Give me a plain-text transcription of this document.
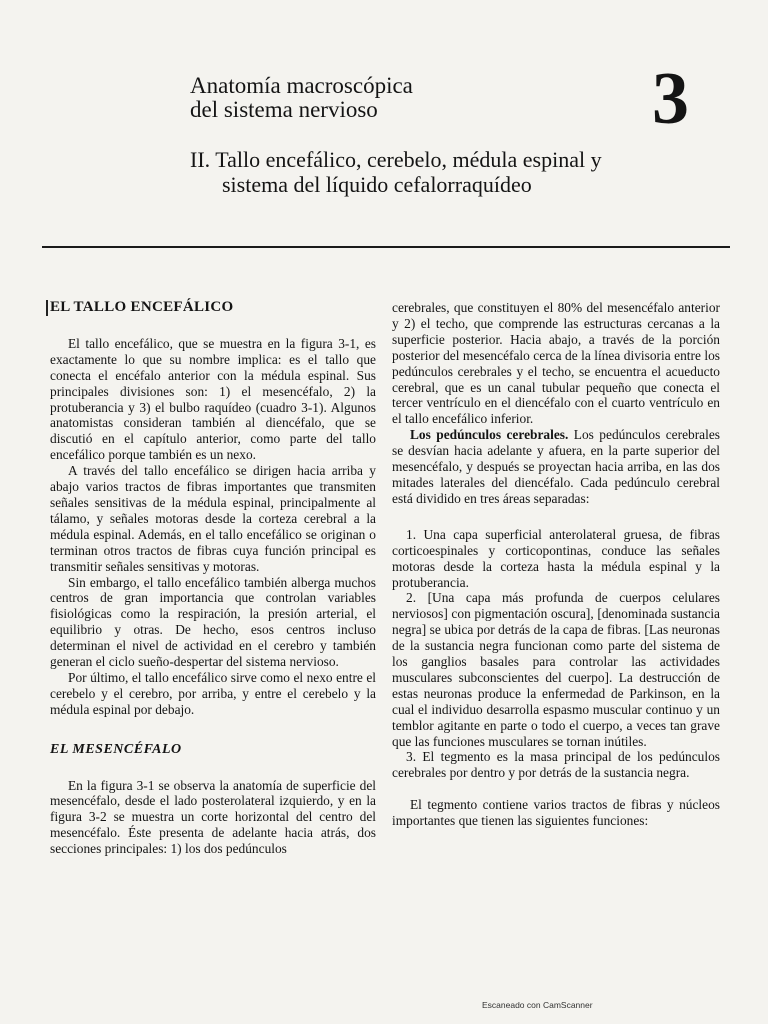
Anatomía macroscópica
del sistema nervioso	3
II. Tallo encefálico, cerebelo, médula espinal y sistema del líquido cefalorraquídeo
EL TALLO ENCEFÁLICO

El tallo encefálico, que se muestra en la figura 3-1, es exactamente lo que su nombre implica: es el tallo que conecta el encéfalo anterior con la médula espinal. Sus principales divisiones son: 1) el mesencéfalo, 2) la protuberancia y 3) el bulbo raquídeo (cuadro 3-1). Algunos anatomistas consideran también al diencéfalo, que se discutió en el capítulo anterior, como parte del tallo encefálico porque también es un nexo.

A través del tallo encefálico se dirigen hacia arriba y abajo varios tractos de fibras importantes que transmiten señales sensitivas de la médula espinal, principalmente al tálamo, y señales motoras desde la corteza cerebral a la médula espinal. Además, en el tallo encefálico se originan o terminan otros tractos de fibras cuya función principal es transmitir señales sensitivas y motoras.

Sin embargo, el tallo encefálico también alberga muchos centros de gran importancia que controlan variables fisiológicas como la respiración, la presión arterial, el equilibrio y otras. De hecho, esos centros incluso determinan el nivel de actividad en el cerebro y también generan el ciclo sueño-despertar del sistema nervioso.

Por último, el tallo encefálico sirve como el nexo entre el cerebelo y el cerebro, por arriba, y entre el cerebelo y la médula espinal por debajo.

EL MESENCÉFALO

En la figura 3-1 se observa la anatomía de superficie del mesencéfalo, desde el lado posterolateral izquierdo, y en la figura 3-2 se muestra un corte horizontal del centro del mesencéfalo. Éste presenta de adelante hacia atrás, dos secciones principales: 1) los dos pedúnculos

cerebrales, que constituyen el 80% del mesencéfalo anterior y 2) el techo, que comprende las estructuras cercanas a la superficie posterior. Hacia abajo, a través de la porción posterior del mesencéfalo cerca de la línea divisoria entre los pedúnculos cerebrales y el techo, se encuentra el acueducto cerebral, que es un canal tubular pequeño que conecta el tercer ventrículo en el diencéfalo con el cuarto ventrículo en el tallo encefálico inferior.

Los pedúnculos cerebrales. Los pedúnculos cerebrales se desvían hacia adelante y afuera, en la parte superior del mesencéfalo, y después se proyectan hacia arriba, en las dos mitades laterales del diencéfalo. Cada pedúnculo cerebral está dividido en tres áreas separadas:

1. Una capa superficial anterolateral gruesa, de fibras corticoespinales y corticopontinas, conduce las señales motoras desde la corteza hasta la médula espinal y la protuberancia.

2. [Una capa más profunda de cuerpos celulares nerviosos] con pigmentación oscura], [denominada sustancia negra] se ubica por detrás de la capa de fibras. [Las neuronas de la sustancia negra funcionan como parte del sistema de los ganglios basales para controlar las actividades musculares subconscientes del cuerpo]. La destrucción de estas neuronas produce la enfermedad de Parkinson, en la cual el individuo desarrolla espasmo muscular continuo y un temblor agitante en parte o todo el cuerpo, a veces tan grave que las funciones musculares se tornan inútiles.

3. El tegmento es la masa principal de los pedúnculos cerebrales por dentro y por detrás de la sustancia negra.

El tegmento contiene varios tractos de fibras y núcleos importantes que tienen las siguientes funciones:

Escaneado con CamScanner
